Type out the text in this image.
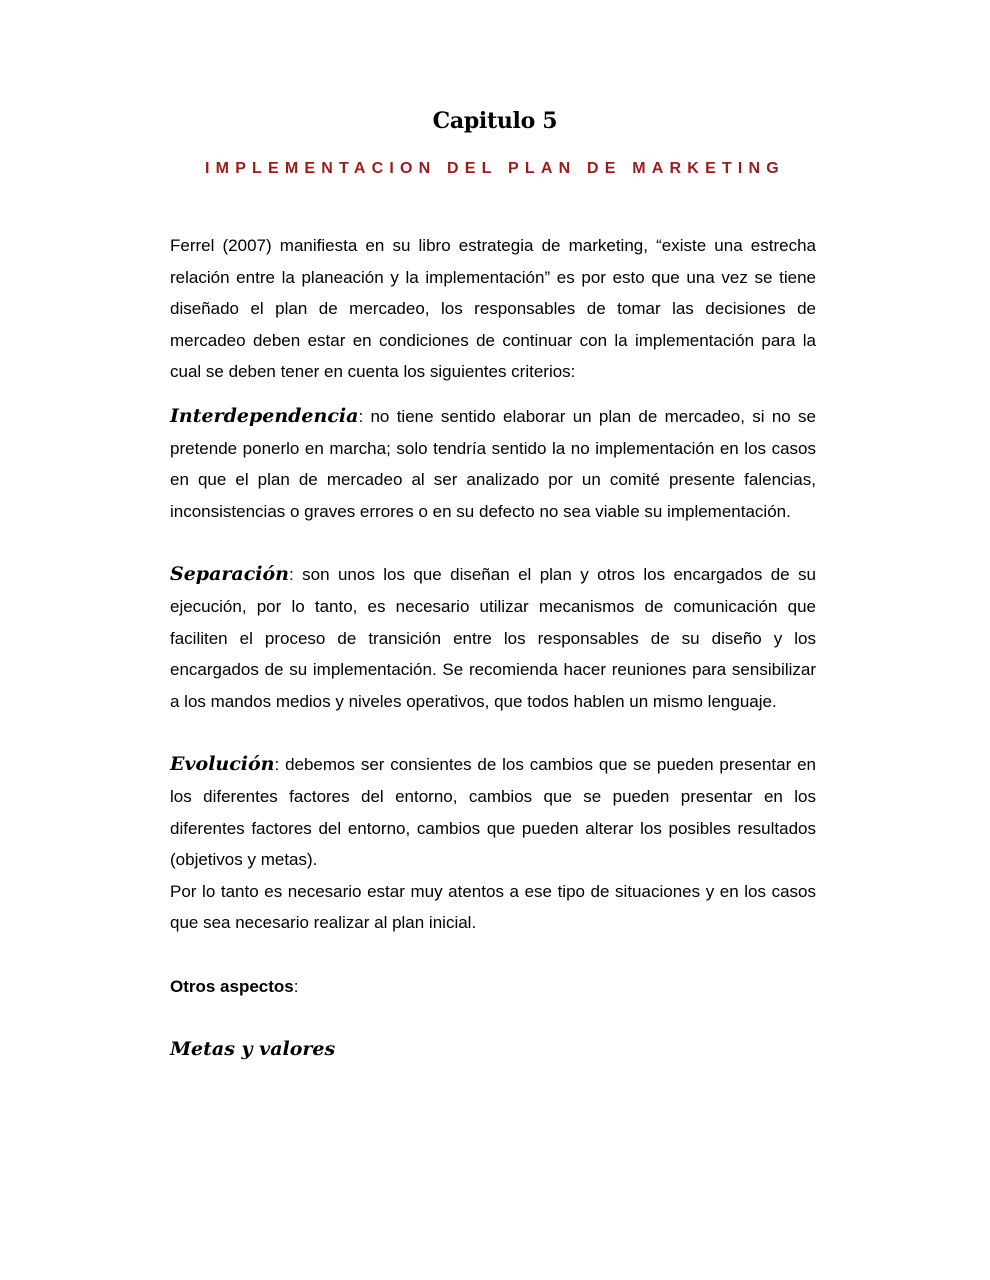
Capitulo 5
IMPLEMENTACION DEL PLAN DE MARKETING

Ferrel (2007) manifiesta en su libro estrategia de marketing, “existe una estrecha relación entre la planeación y la implementación” es por esto que una vez se tiene diseñado el plan de mercadeo, los responsables de tomar las decisiones de mercadeo deben estar en condiciones de continuar con la implementación para la cual se deben tener en cuenta los siguientes criterios:

Interdependencia: no tiene sentido elaborar un plan de mercadeo, si no se pretende ponerlo en marcha; solo tendría sentido la no implementación en los casos en que el plan de mercadeo al ser analizado por un comité presente falencias, inconsistencias o graves errores o en su defecto no sea viable su implementación.

Separación: son unos los que diseñan el plan y otros los encargados de su ejecución, por lo tanto, es necesario utilizar mecanismos de comunicación que faciliten el proceso de transición entre los responsables de su diseño y los encargados de su implementación. Se recomienda hacer reuniones para sensibilizar a los mandos medios y niveles operativos, que todos hablen un mismo lenguaje.

Evolución: debemos ser consientes de los cambios que se pueden presentar en los diferentes factores del entorno, cambios que se pueden presentar en los diferentes factores del entorno, cambios que pueden alterar los posibles resultados (objetivos y metas).

Por lo tanto es necesario estar muy atentos a ese tipo de situaciones y en los casos que sea necesario realizar al plan inicial.

Otros aspectos:

Metas y valores
